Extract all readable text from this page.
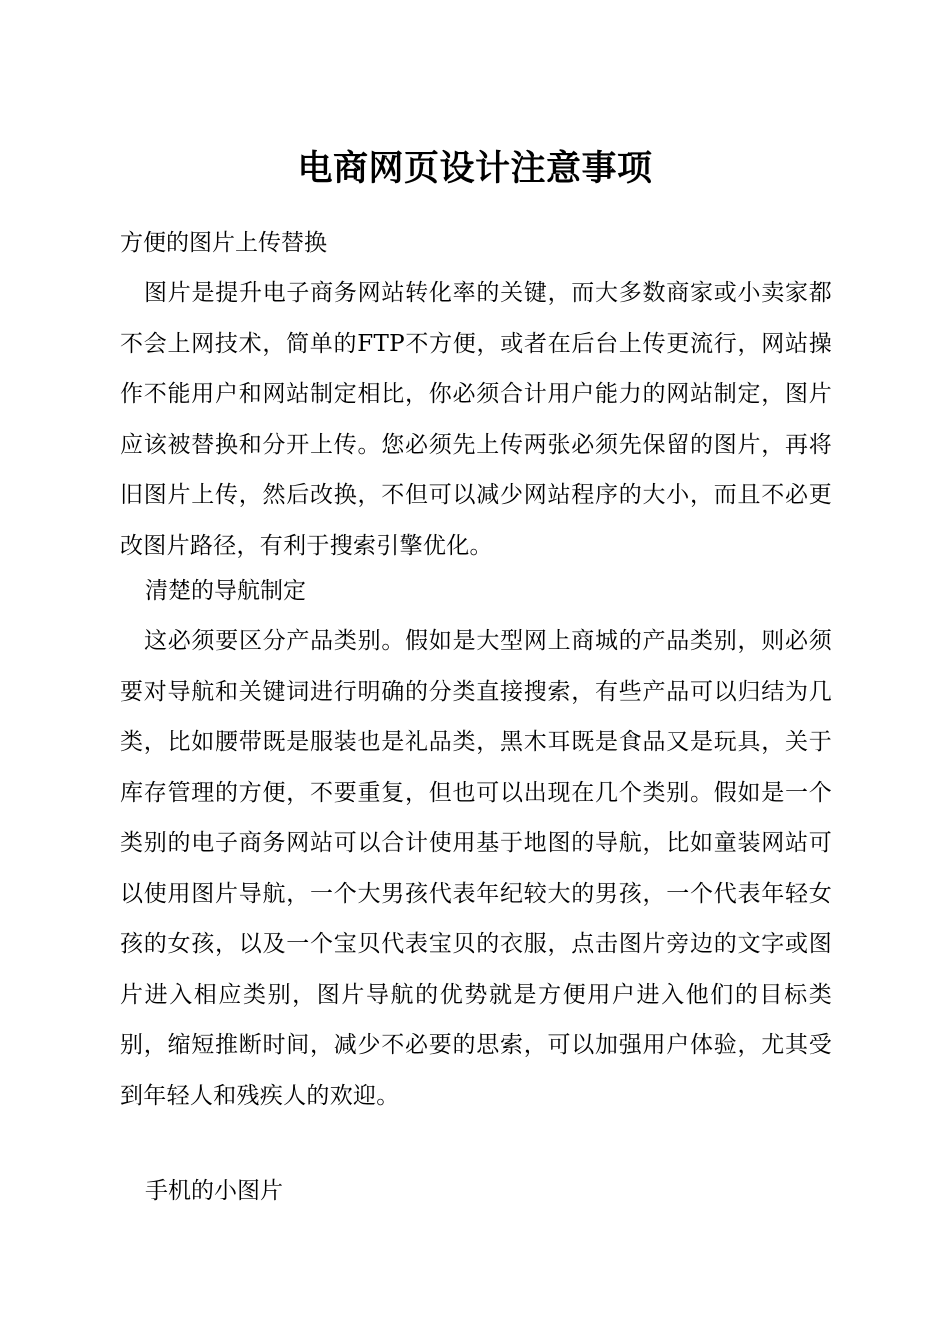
电商网页设计注意事项

方便的图片上传替换

图片是提升电子商务网站转化率的关键，而大多数商家或小卖家都不会上网技术，简单的FTP不方便，或者在后台上传更流行，网站操作不能用户和网站制定相比，你必须合计用户能力的网站制定，图片应该被替换和分开上传。您必须先上传两张必须先保留的图片，再将旧图片上传，然后改换，不但可以减少网站程序的大小，而且不必更改图片路径，有利于搜索引擎优化。

清楚的导航制定

这必须要区分产品类别。假如是大型网上商城的产品类别，则必须要对导航和关键词进行明确的分类直接搜索，有些产品可以归结为几类，比如腰带既是服装也是礼品类，黑木耳既是食品又是玩具，关于库存管理的方便，不要重复，但也可以出现在几个类别。假如是一个类别的电子商务网站可以合计使用基于地图的导航，比如童装网站可以使用图片导航，一个大男孩代表年纪较大的男孩，一个代表年轻女孩的女孩，以及一个宝贝代表宝贝的衣服，点击图片旁边的文字或图片进入相应类别，图片导航的优势就是方便用户进入他们的目标类别，缩短推断时间，减少不必要的思索，可以加强用户体验，尤其受到年轻人和残疾人的欢迎。

手机的小图片
